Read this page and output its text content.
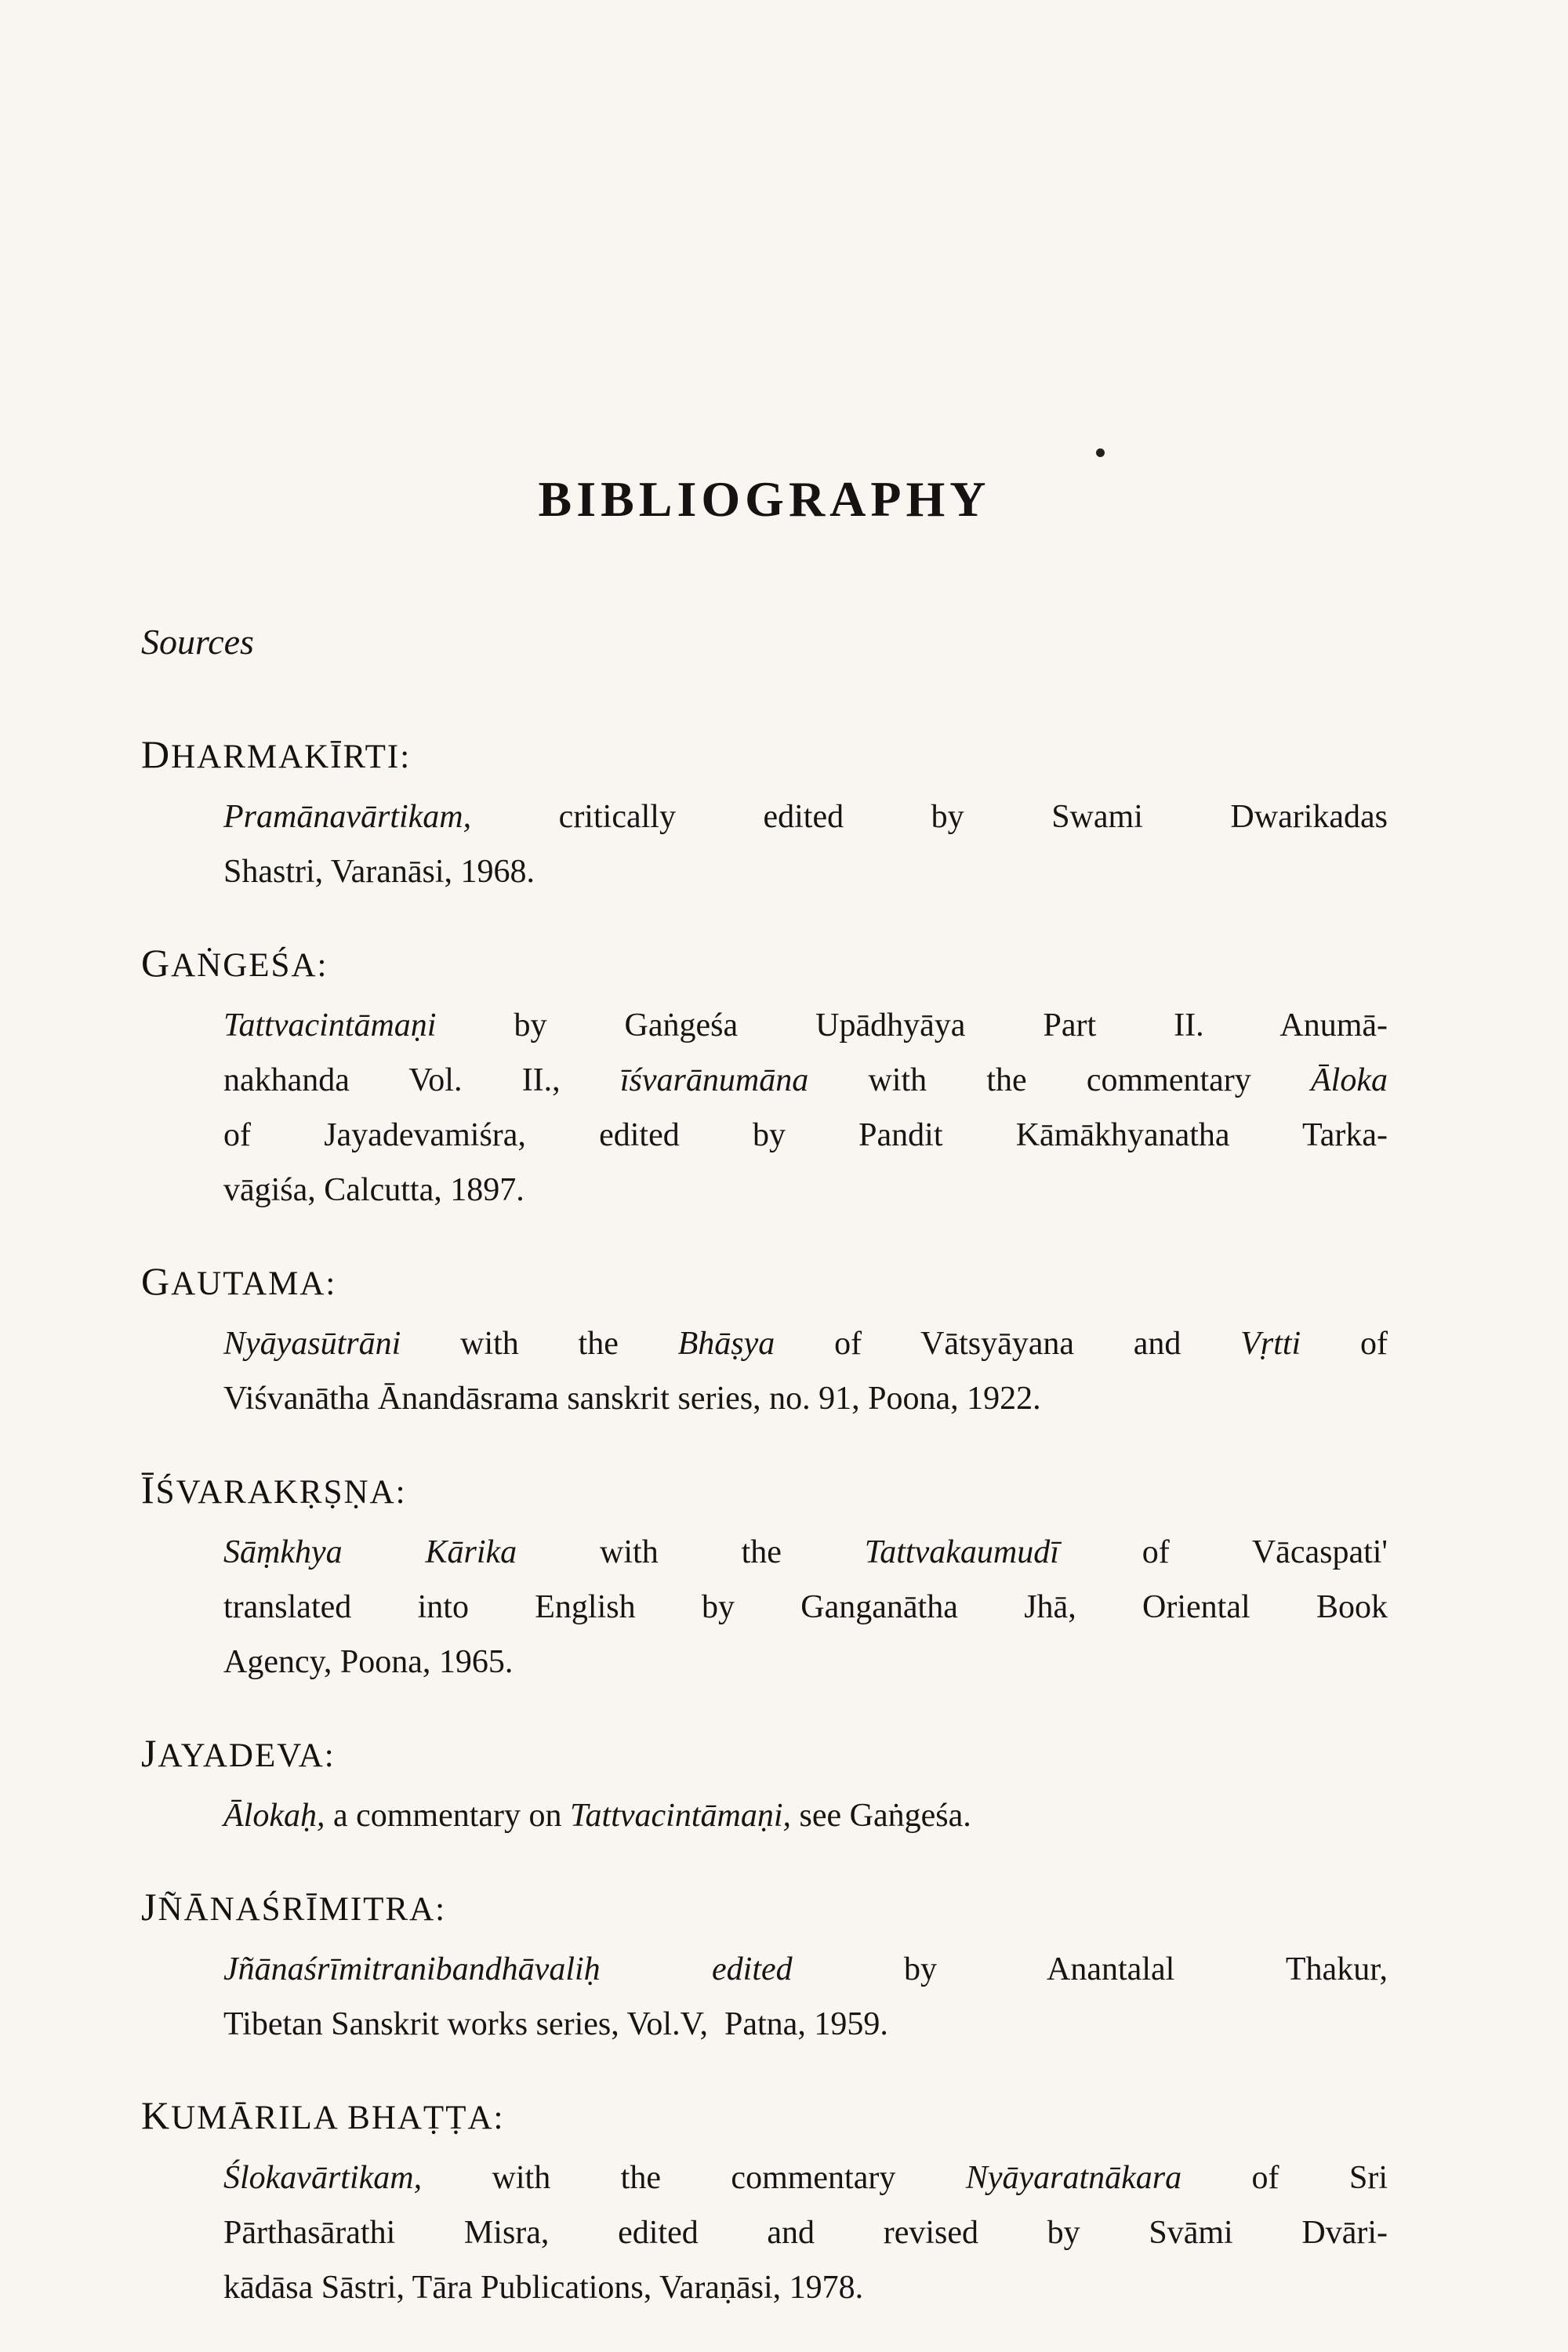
BIBLIOGRAPHY
Sources
DHARMAKĪRTI:
Pramānavārtikam, critically edited by Swami Dwarikadas
Shastri, Varanāsi, 1968.
GAṄGEŚA:
Tattvacintāmaṇi by Gaṅgeśa Upādhyāya Part II. Anumā-
nakhanda Vol. II., īśvarānumāna with the commentary Āloka
of Jayadevamiśra, edited by Pandit Kāmākhyanatha Tarka-
vāgiśa, Calcutta, 1897.
GAUTAMA:
Nyāyasūtrāni with the Bhāṣya of Vātsyāyana and Vṛtti of
Viśvanātha Ānandāsrama sanskrit series, no. 91, Poona, 1922.
ĪŚVARAKṚṢṆA:
Sāṃkhya Kārika with the Tattvakaumudī of Vācaspati'
translated into English by Ganganātha Jhā, Oriental Book
Agency, Poona, 1965.
JAYADEVA:
Ālokaḥ, a commentary on Tattvacintāmaṇi, see Gaṅgeśa.
JÑĀNAŚRĪMITRA:
Jñānaśrīmitranibandhāvaliḥ	edited by Anantalal Thakur,
Tibetan Sanskrit works series, Vol.V,  Patna, 1959.
KUMĀRILA BHAṬṬA:
Ślokavārtikam, with the commentary Nyāyaratnākara of Sri
Pārthasārathi Misra, edited and revised by Svāmi Dvāri-
kādāsa Sāstri, Tāra Publications, Varaṇāsi, 1978.
